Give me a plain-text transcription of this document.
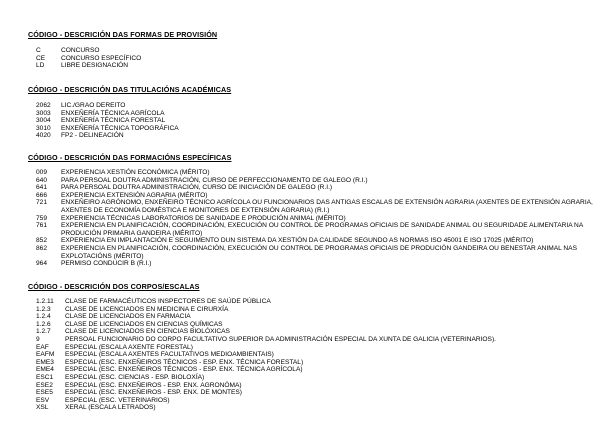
CÓDIGO - DESCRICIÓN DAS FORMAS DE PROVISIÓN
C	CONCURSO
CE	CONCURSO ESPECÍFICO
LD	LIBRE DESIGNACIÓN
CÓDIGO - DESCRICIÓN DAS TITULACIÓNS ACADÉMICAS
2062	LIC./GRAO DEREITO
3003	ENXEÑERÍA TÉCNICA AGRÍCOLA
3004	ENXEÑERÍA TÉCNICA FORESTAL
3010	ENXEÑERÍA TÉCNICA TOPOGRÁFICA
4020	FP2 - DELINEACIÓN
CÓDIGO - DESCRICIÓN DAS FORMACIÓNS ESPECÍFICAS
009	EXPERIENCIA XESTIÓN ECONÓMICA (MÉRITO)
640	PARA PERSOAL DOUTRA ADMINISTRACIÓN, CURSO DE PERFECCIONAMENTO DE GALEGO (R.I.)
641	PARA PERSOAL DOUTRA ADMINISTRACIÓN, CURSO DE INICIACIÓN DE GALEGO (R.I.)
666	EXPERIENCIA EXTENSIÓN AGRARIA (MÉRITO)
721	ENXEÑEIRO AGRÓNOMO, ENXEÑEIRO TÉCNICO AGRÍCOLA OU FUNCIONARIOS DAS ANTIGAS ESCALAS DE EXTENSIÓN AGRARIA (AXENTES DE EXTENSIÓN AGRARIA, AXENTES DE ECONOMÍA DOMÉSTICA E MONITORES DE EXTENSIÓN AGRARIA) (R.I.)
759	EXPERIENCIA TÉCNICAS LABORATORIOS DE SANIDADE E PRODUCIÓN ANIMAL (MÉRITO)
761	EXPERIENCIA EN PLANIFICACIÓN, COORDINACIÓN, EXECUCIÓN OU CONTROL DE PROGRAMAS OFICIAIS DE SANIDADE ANIMAL OU SEGURIDADE ALIMENTARIA NA PRODUCIÓN PRIMARIA GANDEIRA (MÉRITO)
852	EXPERIENCIA EN IMPLANTACIÓN E SEGUIMENTO DUN SISTEMA DA XESTIÓN DA CALIDADE SEGUNDO AS NORMAS ISO 45001 E ISO 17025 (MÉRITO)
862	EXPERIENCIA EN PLANIFICACIÓN, COORDINACIÓN, EXECUCIÓN OU CONTROL DE PROGRAMAS OFICIAIS DE PRODUCIÓN GANDEIRA OU BENESTAR ANIMAL NAS EXPLOTACIÓNS (MÉRITO)
964	PERMISO CONDUCIR B (R.I.)
CÓDIGO - DESCRICIÓN DOS CORPOS/ESCALAS
1.2.11	CLASE DE FARMACÉUTICOS INSPECTORES DE SAÚDE PÚBLICA
1.2.3	CLASE DE LICENCIADOS EN MEDICINA E CIRURXÍA
1.2.4	CLASE DE LICENCIADOS EN FARMACIA
1.2.6	CLASE DE LICENCIADOS EN CIENCIAS QUÍMICAS
1.2.7	CLASE DE LICENCIADOS EN CIENCIAS BIOLÓXICAS
9	PERSOAL FUNCIONARIO DO CORPO FACULTATIVO SUPERIOR DA ADMINISTRACIÓN ESPECIAL DA XUNTA DE GALICIA (VETERINARIOS).
EAF	ESPECIAL (ESCALA AXENTE FORESTAL)
EAFM	ESPECIAL (ESCALA AXENTES FACULTATIVOS MEDIOAMBIENTAIS)
EME3	ESPECIAL (ESC. ENXEÑEIROS TÉCNICOS - ESP. ENX. TÉCNICA FORESTAL)
EME4	ESPECIAL (ESC. ENXEÑEIROS TÉCNICOS - ESP. ENX. TÉCNICA AGRÍCOLA)
ESC1	ESPECIAL (ESC. CIENCIAS - ESP. BIOLOXÍA)
ESE2	ESPECIAL (ESC. ENXEÑEIROS - ESP. ENX. AGRONÓMA)
ESE5	ESPECIAL (ESC. ENXEÑEIROS - ESP. ENX. DE MONTES)
ESV	ESPECIAL (ESC. VETERINARIOS)
XSL	XERAL (ESCALA LETRADOS)
